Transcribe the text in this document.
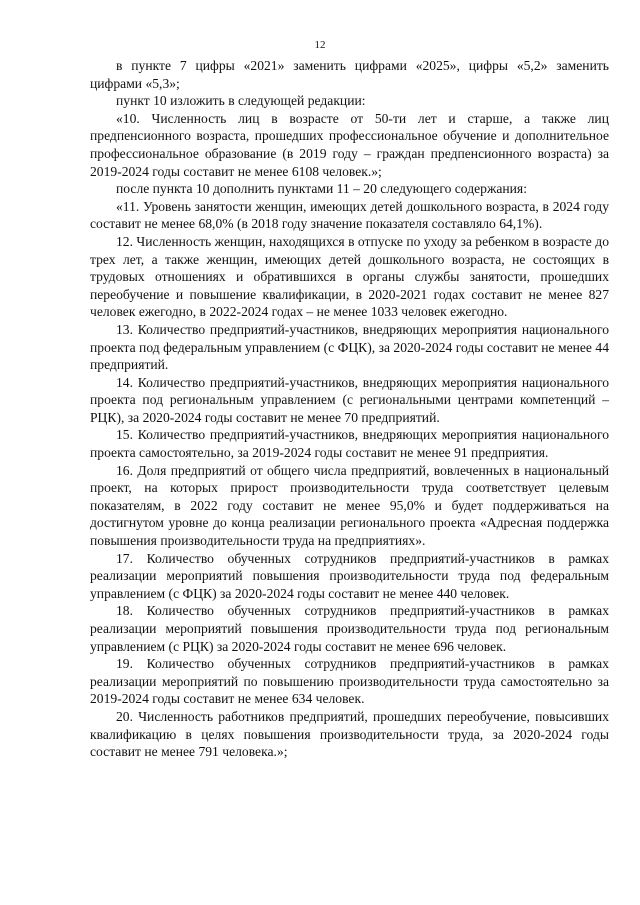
12

в пункте 7 цифры «2021» заменить цифрами «2025», цифры «5,2» заменить цифрами «5,3»;

пункт 10 изложить в следующей редакции:

«10. Численность лиц в возрасте от 50-ти лет и старше, а также лиц предпенсионного возраста, прошедших профессиональное обучение и дополнительное профессиональное образование (в 2019 году – граждан предпенсионного возраста) за 2019-2024 годы составит не менее 6108 человек.»;

после пункта 10 дополнить пунктами 11 – 20 следующего содержания:

«11. Уровень занятости женщин, имеющих детей дошкольного возраста, в 2024 году составит не менее 68,0% (в 2018 году значение показателя составляло 64,1%).

12. Численность женщин, находящихся в отпуске по уходу за ребенком в возрасте до трех лет, а также женщин, имеющих детей дошкольного возраста, не состоящих в трудовых отношениях и обратившихся в органы службы занятости, прошедших переобучение и повышение квалификации, в 2020-2021 годах составит не менее 827 человек ежегодно, в 2022-2024 годах – не менее 1033 человек ежегодно.

13. Количество предприятий-участников, внедряющих мероприятия национального проекта под федеральным управлением (с ФЦК), за 2020-2024 годы составит не менее 44 предприятий.

14. Количество предприятий-участников, внедряющих мероприятия национального проекта под региональным управлением (с региональными центрами компетенций – РЦК), за 2020-2024 годы составит не менее 70 предприятий.

15. Количество предприятий-участников, внедряющих мероприятия национального проекта самостоятельно, за 2019-2024 годы составит не менее 91 предприятия.

16. Доля предприятий от общего числа предприятий, вовлеченных в национальный проект, на которых прирост производительности труда соответствует целевым показателям, в 2022 году составит не менее 95,0% и будет поддерживаться на достигнутом уровне до конца реализации регионального проекта «Адресная поддержка повышения производительности труда на предприятиях».

17. Количество обученных сотрудников предприятий-участников в рамках реализации мероприятий повышения производительности труда под федеральным управлением (с ФЦК) за 2020-2024 годы составит не менее 440 человек.

18. Количество обученных сотрудников предприятий-участников в рамках реализации мероприятий повышения производительности труда под региональным управлением (с РЦК) за 2020-2024 годы составит не менее 696 человек.

19. Количество обученных сотрудников предприятий-участников в рамках реализации мероприятий по повышению производительности труда самостоятельно за 2019-2024 годы составит не менее 634 человек.

20. Численность работников предприятий, прошедших переобучение, повысивших квалификацию в целях повышения производительности труда, за 2020-2024 годы составит не менее 791 человека.»;
